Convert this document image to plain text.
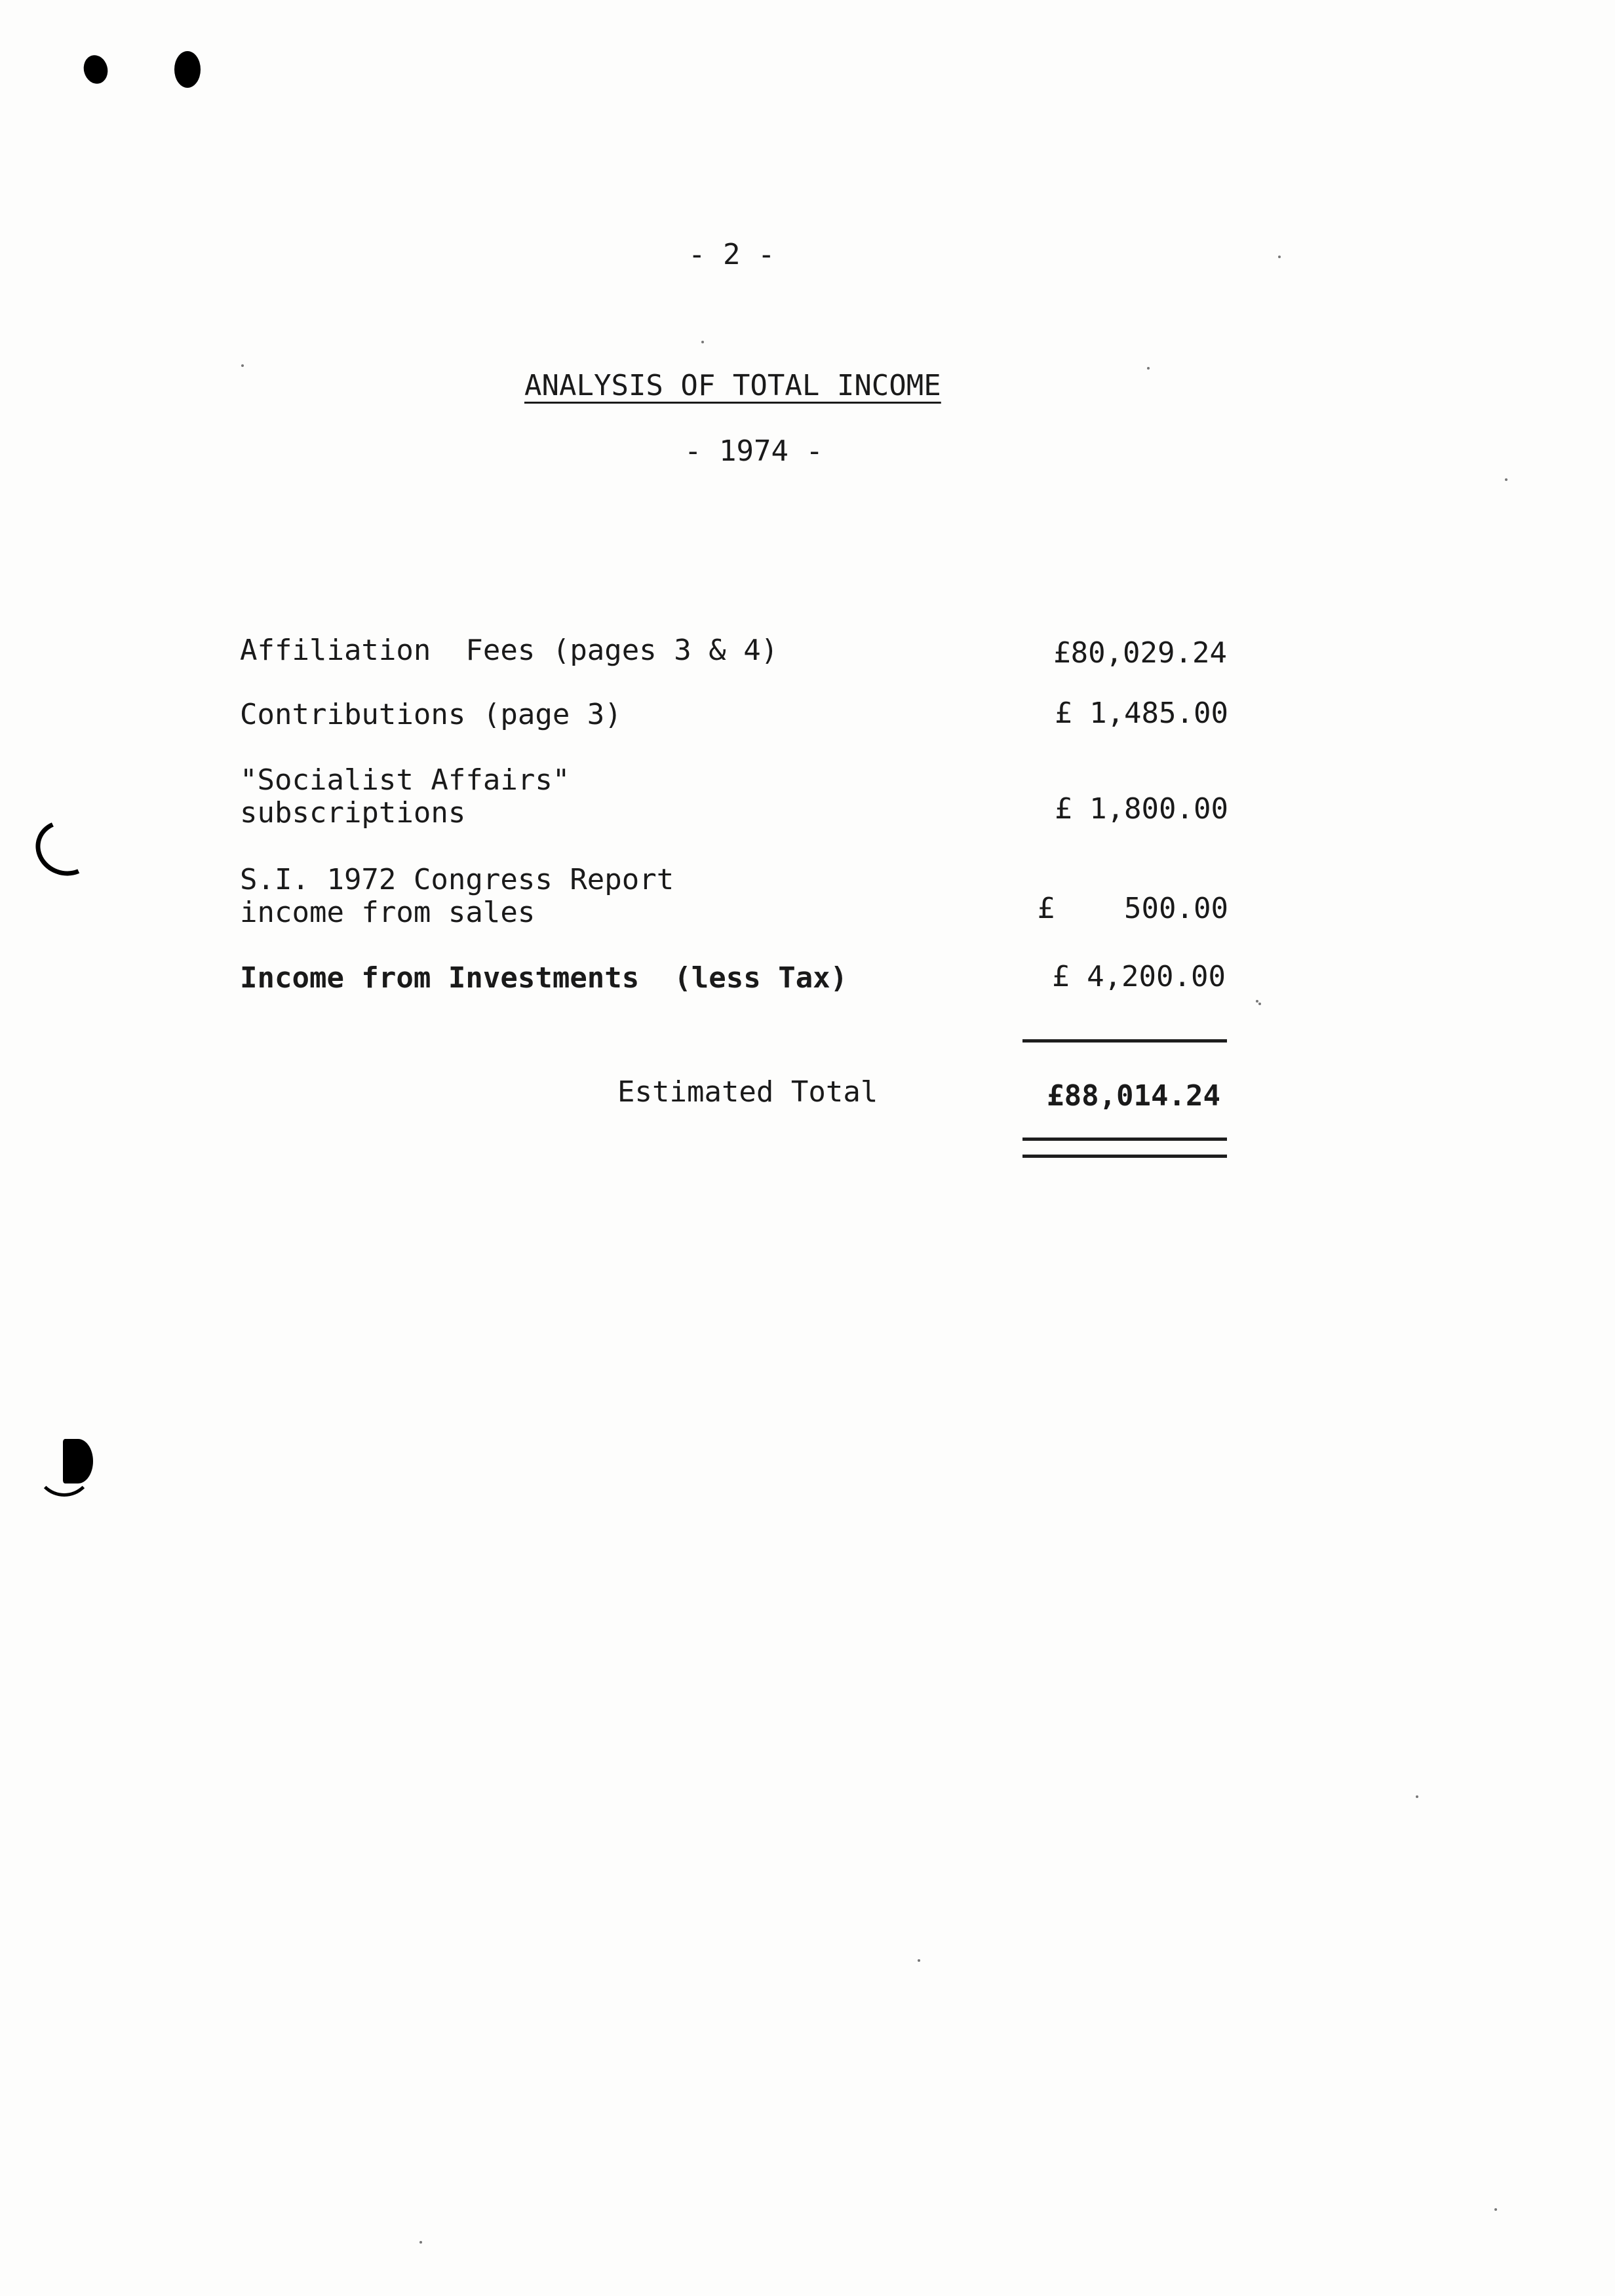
- 2 -
ANALYSIS OF TOTAL INCOME
- 1974 -
Affiliation  Fees (pages 3 & 4)	£80,029.24
Contributions (page 3)	£ 1,485.00
"Socialist Affairs"
subscriptions	£ 1,800.00
S.I. 1972 Congress Report
income from sales	£    500.00
Income from Investments  (less Tax)	£ 4,200.00
Estimated Total	£88,014.24
